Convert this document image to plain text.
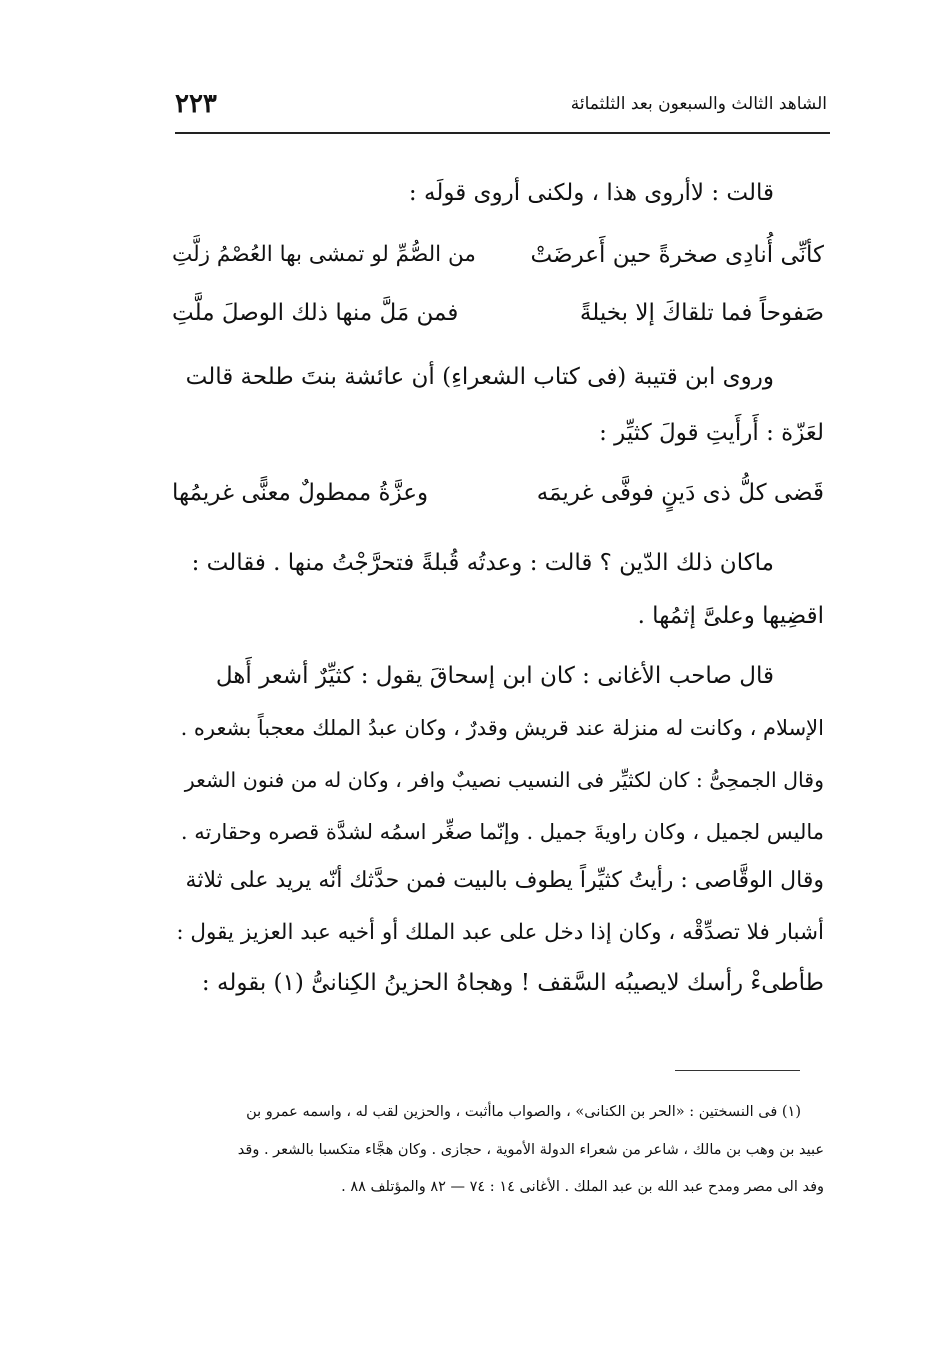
الشاهد الثالث والسبعون بعد الثلثمائة
٢٢٣
قالت : لاأروى هذا ، ولكنى أروى قولَه :
كأنِّى أُنادِى صخرةً حين أَعرضَتْ
من الصُّمِّ لو تمشى بها العُصْمُ زلَّتِ
صَفوحاً فما تلقاكَ إلا بخيلةً
فمن مَلَّ منها ذلك الوصلَ ملَّتِ
وروى ابن قتيبة (فى كتاب الشعراءِ) أن عائشة بنتَ طلحة قالت
لعَزّة : أَرأَيتِ قولَ كثيِّر :
قَضى كلُّ ذى دَينٍ فوفَّى غريمَه
وعزَّةُ ممطولٌ معنًّى غريمُها
ماكان ذلك الدّين ؟ قالت : وعدتُه قُبلةً فتحرَّجْتُ منها . فقالت :
اقضِيها وعلىَّ إثمُها .
قال صاحب الأغانى : كان ابن إسحاقَ يقول : كثيِّرٌ أشعر أَهل
الإسلام ، وكانت له منزلة عند قريش وقدرٌ ، وكان عبدُ الملك معجباً بشعره .
وقال الجمحِىُّ : كان لكثيِّر فى النسيب نصيبٌ وافر ، وكان له من فنون الشعر
ماليس لجميل ، وكان راويةَ جميل . وإنّما صغِّر اسمُه لشدَّة قصره وحقارته .
وقال الوقَّاصى : رأيتُ كثيِّراً يطوف بالبيت فمن حدَّثك أنّه يريد على ثلاثة
أشبار فلا تصدِّقْه ، وكان إذا دخل على عبد الملك أو أخيه عبد العزيز يقول :
طأطىءْ رأسك لايصيبُه السَّقف ! وهجاهُ الحزينُ الكِنانىُّ (١) بقوله :
(١) فى النسختين : «الحر بن الكنانى» ، والصواب ماأثبت ، والحزين لقب له ، واسمه عمرو بن
عبيد بن وهب بن مالك ، شاعر من شعراء الدولة الأموية ، حجازى . وكان هجَّاء متكسبا بالشعر . وقد
وفد الى مصر ومدح عبد الله بن عبد الملك . الأغانى ١٤ : ٧٤ — ٨٢ والمؤتلف ٨٨ .
